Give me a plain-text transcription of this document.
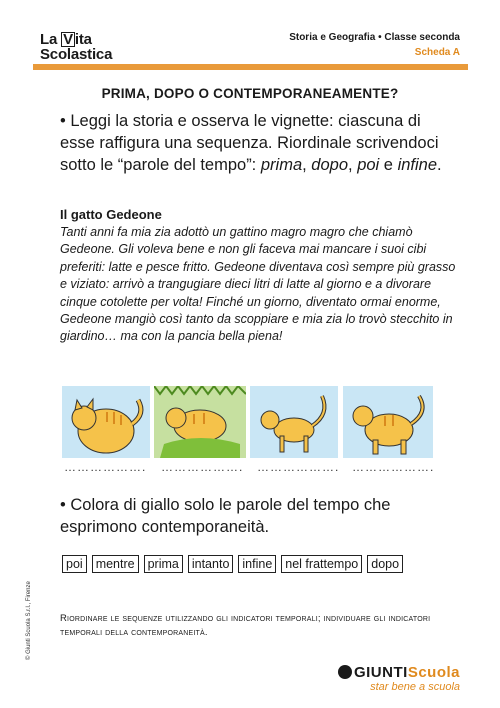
La V ita
Scolastica
Storia e Geografia • Classe seconda
Scheda A
PRIMA, DOPO O CONTEMPORANEAMENTE?
• Leggi la storia e osserva le vignette: ciascuna di esse raffigura una sequenza. Riordinale scrivendoci sotto le “parole del tempo”: prima, dopo, poi e infine.
Il gatto Gedeone
Tanti anni fa mia zia adottò un gattino magro magro che chiamò Gedeone. Gli voleva bene e non gli faceva mai mancare i suoi cibi preferiti: latte e pesce fritto. Gedeone diventava così sempre più grasso e viziato: arrivò a trangugiare dieci litri di latte al giorno e a divorare cinque cotolette per volta! Finché un giorno, diventato ormai enorme, Gedeone mangiò così tanto da scoppiare e mia zia lo trovò stecchito in giardino… ma con la pancia bella piena!
………………. ………………. ………………. ……………….
• Colora di giallo solo le parole del tempo che esprimono contemporaneità.
poi	mentre	prima	intanto	infine	nel frattempo	dopo
Riordinare le sequenze utilizzando gli indicatori temporali; individuare gli indicatori temporali della contemporaneità.
© Giunti Scuola S.r.l., Firenze
GIUNTIScuola
star bene a scuola
